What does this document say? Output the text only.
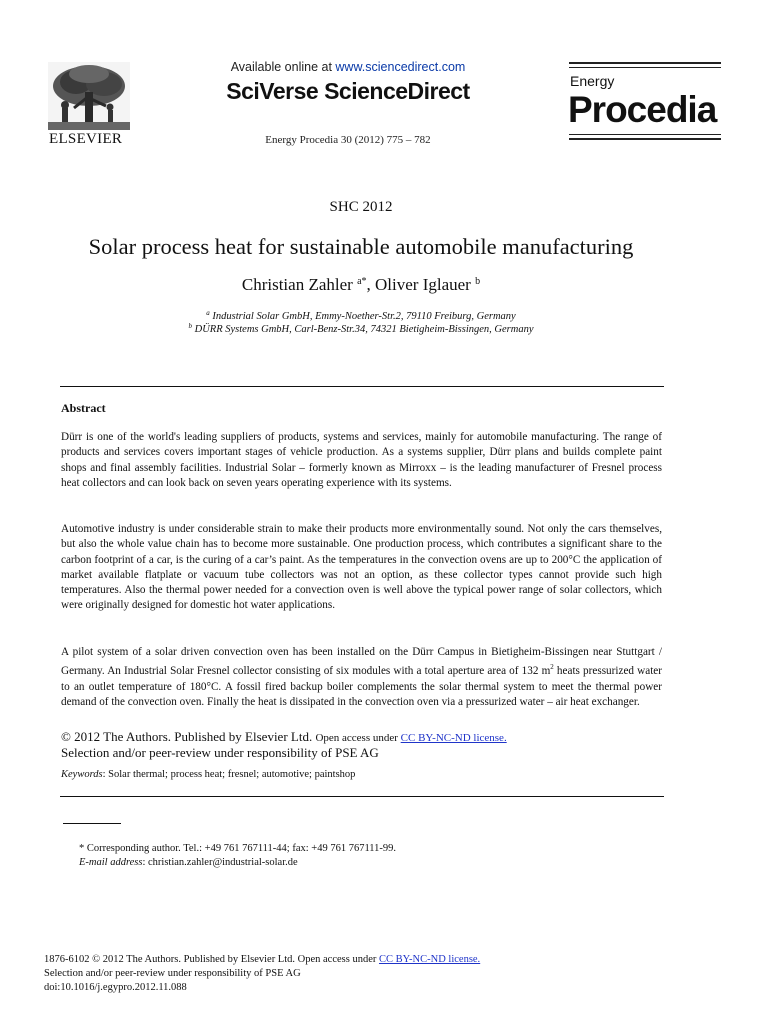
ELSEVIER
Available online at www.sciencedirect.com
SciVerse ScienceDirect
Energy Procedia 30 (2012) 775 – 782
Energy
Procedia
SHC 2012
Solar process heat for sustainable automobile manufacturing
Christian Zahler $^{a*}$, Oliver Iglauer $^b$
$^a$ Industrial Solar GmbH, Emmy-Noether-Str.2, 79110 Freiburg, Germany
$^b$ DÜRR Systems GmbH, Carl-Benz-Str.34, 74321 Bietigheim-Bissingen, Germany
Abstract
Dürr is one of the world's leading suppliers of products, systems and services, mainly for automobile manufacturing. The range of products and services covers important stages of vehicle production. As a systems supplier, Dürr plans and builds complete paint shops and final assembly facilities. Industrial Solar – formerly known as Mirroxx – is the leading manufacturer of Fresnel process heat collectors and can look back on seven years operating experience with its systems.
Automotive industry is under considerable strain to make their products more environmentally sound. Not only the cars themselves, but also the whole value chain has to become more sustainable. One production process, which contributes a significant share to the carbon footprint of a car, is the curing of a car’s paint. As the temperatures in the convection ovens are up to 200°C the application of market available flatplate or vacuum tube collectors was not an option, as these collector types cannot provide such high temperatures. Also the thermal power needed for a convection oven is well above the typical power range of solar collectors, which were originally designed for domestic hot water applications.
A pilot system of a solar driven convection oven has been installed on the Dürr Campus in Bietigheim-Bissingen near Stuttgart / Germany. An Industrial Solar Fresnel collector consisting of six modules with a total aperture area of 132 $m^2$ heats pressurized water to an outlet temperature of 180°C. A fossil fired backup boiler complements the solar thermal system to meet the thermal power demand of the convection oven. Finally the heat is dissipated in the convection oven via a pressurized water – air heat exchanger.
© 2012 The Authors. Published by Elsevier Ltd. Open access under CC BY-NC-ND license.
Selection and/or peer-review under responsibility of PSE AG
Keywords: Solar thermal; process heat; fresnel; automotive; paintshop
* Corresponding author. Tel.: +49 761 767111-44; fax: +49 761 767111-99.
E-mail address: christian.zahler@industrial-solar.de
1876-6102 © 2012 The Authors. Published by Elsevier Ltd. Open access under CC BY-NC-ND license.
Selection and/or peer-review under responsibility of PSE AG
doi:10.1016/j.egypro.2012.11.088
